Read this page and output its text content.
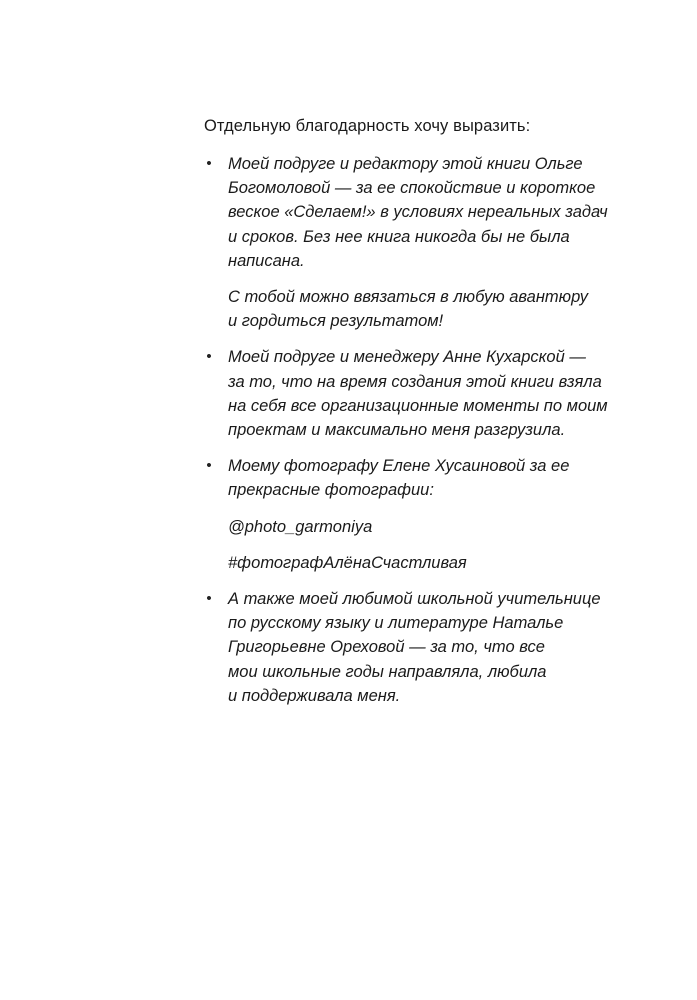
Отдельную благодарность хочу выразить:

• Моей подруге и редактору этой книги Ольге
Богомоловой — за ее спокойствие и короткое
веское «Сделаем!» в условиях нереальных задач
и сроков. Без нее книга никогда бы не была
написана.

С тобой можно ввязаться в любую авантюру
и гордиться результатом!

• Моей подруге и менеджеру Анне Кухарской —
за то, что на время создания этой книги взяла
на себя все организационные моменты по моим
проектам и максимально меня разгрузила.

• Моему фотографу Елене Хусаиновой за ее
прекрасные фотографии:

@photo_garmoniya

#фотографАлёнаСчастливая

• А также моей любимой школьной учительнице
по русскому языку и литературе Наталье
Григорьевне Ореховой — за то, что все
мои школьные годы направляла, любила
и поддерживала меня.
